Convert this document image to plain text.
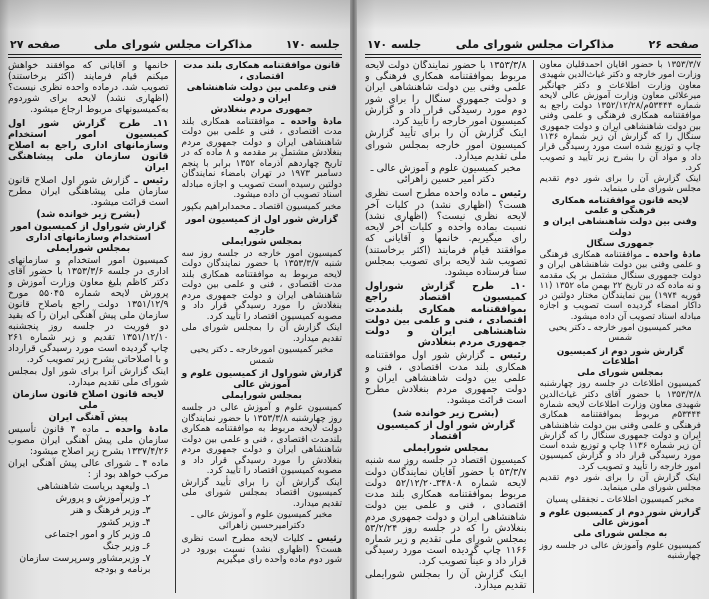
جلسه ۱۷۰
مذاکرات مجلس شورای ملی
صفحه ۲۷
قانون موافقتنامه همکاری بلند مدت اقتصادی ،
فنی وعلمی بین دولت شاهنشاهی ایران و دولت
جمهوری مردم بنغلادش
مادهٔ واحده ـ موافقتنامه همکاری بلند مدت اقتصادی ، فنی و علمی بین دولت شاهنشاهی ایران و دولت جمهوری مردم بنغلادش مشتمل بر مقدمه و ۸ ماده که در تاریخ چهاردهم آذرماه ۱۳۵۲ برابر با پنجم دسامبر ۱۹۷۳ در تهران بامضاء نمایندگان دولتین رسیده است تصویب و اجازه مبادله اسناد تصویب آن داده میشود.
مخبر کمیسیون اقتصاد ـ محمدابراهیم بکپور
گزارش شور اول از کمیسیون امور خارجه
بمجلس شورایملی
کمیسیون امور خارجه در جلسه روز سه شنبه ۱۳۵۳/۳/۷ با حضور نمایندگان دولت لایحه مربوط به موافقتنامه همکاری بلند مدت اقتصادی ، فنی و علمی بین دولت شاهنشاهی ایران و دولت جمهوری مردم بنغلادش را مورد رسیدگی قرار داد و مصوبه کمیسیون اقتصاد را تأیید کرد.
اینک گزارش آن را بمجلس شورای ملی تقدیم میدارد.
مخبر کمیسیون امورخارجه ـ دکتر یحیی شمس
گزارش شوراول از کمیسیون علوم و آموزش عالی
بمجلس شورایملی
کمیسیون علوم و آموزش عالی در جلسه روز چهارشنبه ۱۳۵۳/۳/۸ با حضور نمایندگان دولت لایحه مربوط به موافقتنامه همکاری بلندمدت اقتصادی ، فنی و علمی بین دولت شاهنشاهی ایران و دولت جمهوری مردم بنغلادش را مورد رسیدگی قرار داد و مصوبه کمیسیون اقتصاد را تأیید کرد.
اینک گزارش آن را برای تأیید گزارش کمیسیون اقتصاد بمجلس شورای ملی تقدیم میدارد.
مخبر کمیسیون علوم و آموزش عالی ـ دکترامیرحسین زاهرائی
رئیس ـ کلیات لایحه مطرح است نظری هست؟ (اظهاری نشد) نسبت بورود در شور دوم ماده واحده رای میگیریم
خانمها و آقایانی که موافقند خواهش میکنم قیام فرمایند (اکثر برخاستند) تصویب شد. درماده واحده نظری نیست؟ (اظهاری نشد) لایحه برای شوردوم به‌کمیسیونهای مربوط ارجاع میشود.
۱۱ـ طرح گزارش شور اول کمیسیون امور استخدام وسازمانهای اداری راجع به اصلاح قانون سازمان ملی پیشاهنگی ایران
رئیس ـ گزارش شور اول اصلاح قانون سازمان ملی پیشاهنگی ایران مطرح است قرائت میشود.
(بشرح زیر خوانده شد)
گزارش شوراول از کمیسیون امور استخدام وسازمانهای اداری بمجلس شورایملی
کمیسیون امور استخدام و سازمانهای اداری در جلسه ۱۳۵۳/۳/۶ با حضور آقای دکتر کاظم بلیغ معاون وزارت آموزش و پرورش لایحه شماره ۵۵۰۴۵ مورخ ۱۳۵۱/۱۲/۹ دولت راجع باصلاح قانون سازمان ملی پیش آهنگی ایران را که بقید دو فوریت در جلسه روز پنجشنبه ۱۳۵۱/۱۲/۱۰ تقدیم و زیر شماره ۲۶۱ چاپ گردیده است مورد رسیدگی قرارداد و با اصلاحاتی بشرح زیر تصویب کرد.
اینک گزارش آنرا برای شور اول بمجلس شورای ملی تقدیم میدارد.
لایحه قانون اصلاح قانون سازمان ملی
پیش آهنگی ایران
مادهٔ واحده ـ ماده ۴ قانون تأسیس سازمان ملی پیش آهنگی ایران مصوب ۱۳۳۷/۴/۲۶ بشرح زیر اصلاح میشود:
ماده ۴ ـ شورای عالی پیش آهنگی ایران مرکب خواهد بود از :
۱ـ ولیعهد بریاست شاهنشاهی
۲ـ وزیرآموزش و پرورش
۳ـ وزیر فرهنگ و هنر
۴ـ وزیر کشور
۵ـ وزیر کار و امور اجتماعی
۶ـ وزیر جنگ
۷ـ وزیرمشاور وسرپرست سازمان برنامه و بودجه
صفحه ۲۶
مذاکرات مجلس شورای ملی
جلسه ۱۷۰
۱۳۵۳/۳/۷ با حضور آقایان احمدقلیان معاون وزارت امور خارجه و دکتر غیاث‌الدین شهیدی معاون وزارت اطلاعات و دکتر جهانگیر میرعلائی معاون وزارت آموزش عالی لایحه شماره ۵۳۴۴۴م/۱۳۵۲/۱۲/۲۸ دولت راجع به موافقتنامه همکاری فرهنگی و علمی وفنی بین دولت شاهنشاهی ایران و دولت جمهوری سنگال را که گزارش آن زیر شماره ۱۱۳۶ چاپ و توزیع شده است مورد رسیدگی قرار داد و مواد آن را بشرح زیر تأیید و تصویب کرد.
اینک گزارش آن را برای شور دوم تقدیم مجلس شورای ملی مینماید.
لایحه قانون موافقتنامه همکاری فرهنگی و علمی
وفنی بین دولت شاهنشاهی ایران و دولت
جمهوری سنگال
مادهٔ واحده ـ موافقتنامه همکاری فرهنگی و علمی وفنی بین دولت شاهنشاهی ایران و دولت جمهوری سنگال مشتمل بر یک مقدمه و نه ماده که در تاریخ ۲۲ بهمن ماه ۱۳۵۲ (۱۱ فوریه ۱۹۷۴) بین نمایندگان مختار دولتین در داکار امضاء گردیده است تصویب و اجازه مبادله اسناد تصویب آن داده میشود.
مخبر کمیسیون امور خارجه ـ دکتر یحیی شمس
گزارش شور دوم از کمیسیون اطلاعات
بمجلس شورای ملی
کمیسیون اطلاعات در جلسه روز چهارشنبه ۱۳۵۳/۳/۸ با حضور آقای دکتر غیاث‌الدین شهیدی معاون وزارت اطلاعات لایحه شماره ۵۳۴۴۴م مربوط بموافقتنامه همکاری فرهنگی و علمی وفنی بین دولت شاهنشاهی ایران و دولت جمهوری سنگال را که گزارش آن زیر شماره ۱۱۳۶ چاپ و توزیع شده است مورد رسیدگی قرار داد و گزارش کمیسیون امور خارجه را تأیید و تصویب کرد.
اینک گزارش آن را برای شور دوم تقدیم مجلس شورای ملی مینماید.
مخبر کمیسیون اطلاعات ـ نجفقلی پسیان
گزارش شور دوم از کمیسیون علوم و آموزش عالی
به مجلس شورای ملی
کمیسیون علوم وآموزش عالی در جلسه روز چهارشنبه
۱۳۵۳/۳/۸ با حضور نمایندگان دولت لایحه مربوط بموافقتنامه همکاری فرهنگی و علمی وفنی بین دولت شاهنشاهی ایران و دولت جمهوری سنگال را برای شور دوم مورد رسیدگی قرار داد و گزارش کمیسیون امور خارجه را تأیید کرد.
اینک گزارش آن را برای تأیید گزارش کمیسیون امور خارجه بمجلس شورای ملی تقدیم میدارد.
مخبر کمیسیون علوم و آموزش عالی ـ دکتر امیر حسین زاهرائی
رئیس ـ ماده واحده مطرح است نظری هست؟ (اظهاری نشد) در کلیات آخر لایحه نظری نیست؟ (اظهاری نشد) نسبت بماده واحده و کلیات آخر لایحه رای میگیریم. خانمها و آقایانی که موافقند قیام فرمایند (اکثر برخاستند) تصویب شد لایحه برای تصویب بمجلس سنا فرستاده میشود.
۱۰ـ طرح گزارش شوراول کمیسیون اقتصاد راجع بموافقتنامه همکاری بلندمدت اقتصادی ، فنی و علمی بین دولت شاهنشاهی ایران و دولت جمهوری مردم بنغلادش
رئیس ـ گزارش شور اول موافقتنامه همکاری بلند مدت اقتصادی ، فنی و علمی بین دولت شاهنشاهی ایران و دولت جمهوری مردم بنغلادش مطرح است قرائت میشود.
(بشرح زیر خوانده شد)
گزارش شور اول از کمیسیون اقتصاد
بمجلس شورایملی
کمیسیون اقتصاد در جلسه روز سه شنبه ۵۳/۳/۷ با حضور آقایان نمایندگان دولت لایحه شماره ۳۴۸۰۸ـ۵۲/۱۲/۲۰ دولت مربوط بموافقتنامه همکاری بلند مدت اقتصادی ، فنی و علمی بین دولت شاهنشاهی ایران و دولت جمهوری مردم بنغلادش را که در جلسه روز ۵۳/۲/۲۴ بمجلس شورای ملی تقدیم و زیر شماره ۱۱۶۶ چاپ گردیده است مورد رسیدگی قرار داد و عیناً تصویب کرد.
اینک گزارش آن را بمجلس شورایملی تقدیم میدارد.
